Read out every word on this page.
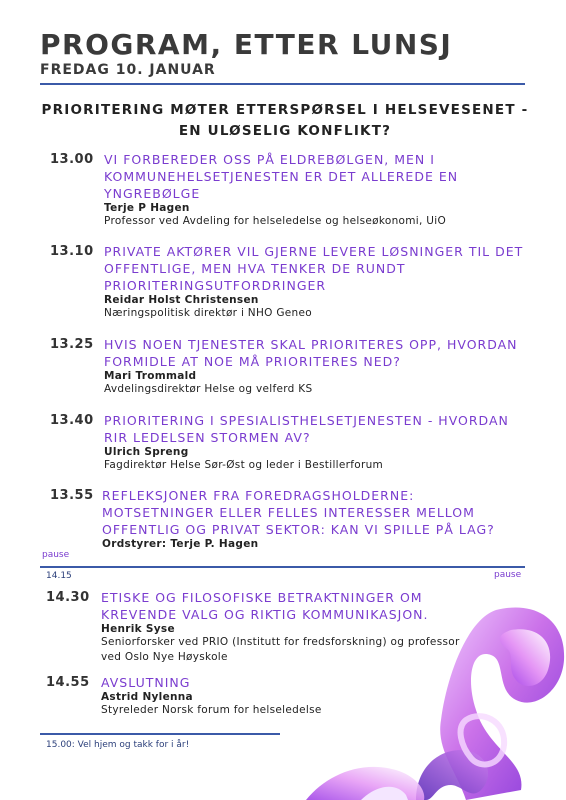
PROGRAM, ETTER LUNSJ
FREDAG 10. JANUAR
PRIORITERING MØTER ETTERSPØRSEL I HELSEVESENET - EN ULØSELIG KONFLIKT?
13.00 VI FORBEREDER OSS PÅ ELDREBØLGEN, MEN I KOMMUNEHELSETJENESTEN ER DET ALLEREDE EN YNGREBØLGE
Terje P Hagen
Professor ved Avdeling for helseledelse og helseøkonomi, UiO
13.10 PRIVATE AKTØRER VIL GJERNE LEVERE LØSNINGER TIL DET OFFENTLIGE, MEN HVA TENKER DE RUNDT PRIORITERINGSUTFORDRINGER
Reidar Holst Christensen
Næringspolitisk direktør i NHO Geneo
13.25 HVIS NOEN TJENESTER SKAL PRIORITERES OPP, HVORDAN FORMIDLE AT NOE MÅ PRIORITERES NED?
Mari Trommald
Avdelingsdirektør Helse og velferd KS
13.40 PRIORITERING I SPESIALISTHELSETJENESTEN - HVORDAN RIR LEDELSEN STORMEN AV?
Ulrich Spreng
Fagdirektør Helse Sør-Øst og leder i Bestillerforum
13.55 REFLEKSJONER FRA FOREDRAGSHOLDERNE: MOTSETNINGER ELLER FELLES INTERESSER MELLOM OFFENTLIG OG PRIVAT SEKTOR: KAN VI SPILLE PÅ LAG?
Ordstyrer: Terje P. Hagen
pause
14.15	pause
14.30 ETISKE OG FILOSOFISKE BETRAKTNINGER OM KREVENDE VALG OG RIKTIG KOMMUNIKASJON.
Henrik Syse
Seniorforsker ved PRIO (Institutt for fredsforskning) og professor ved Oslo Nye Høyskole
14.55 AVSLUTNING
Astrid Nylenna
Styreleder Norsk forum for helseledelse
15.00: Vel hjem og takk for i år!
